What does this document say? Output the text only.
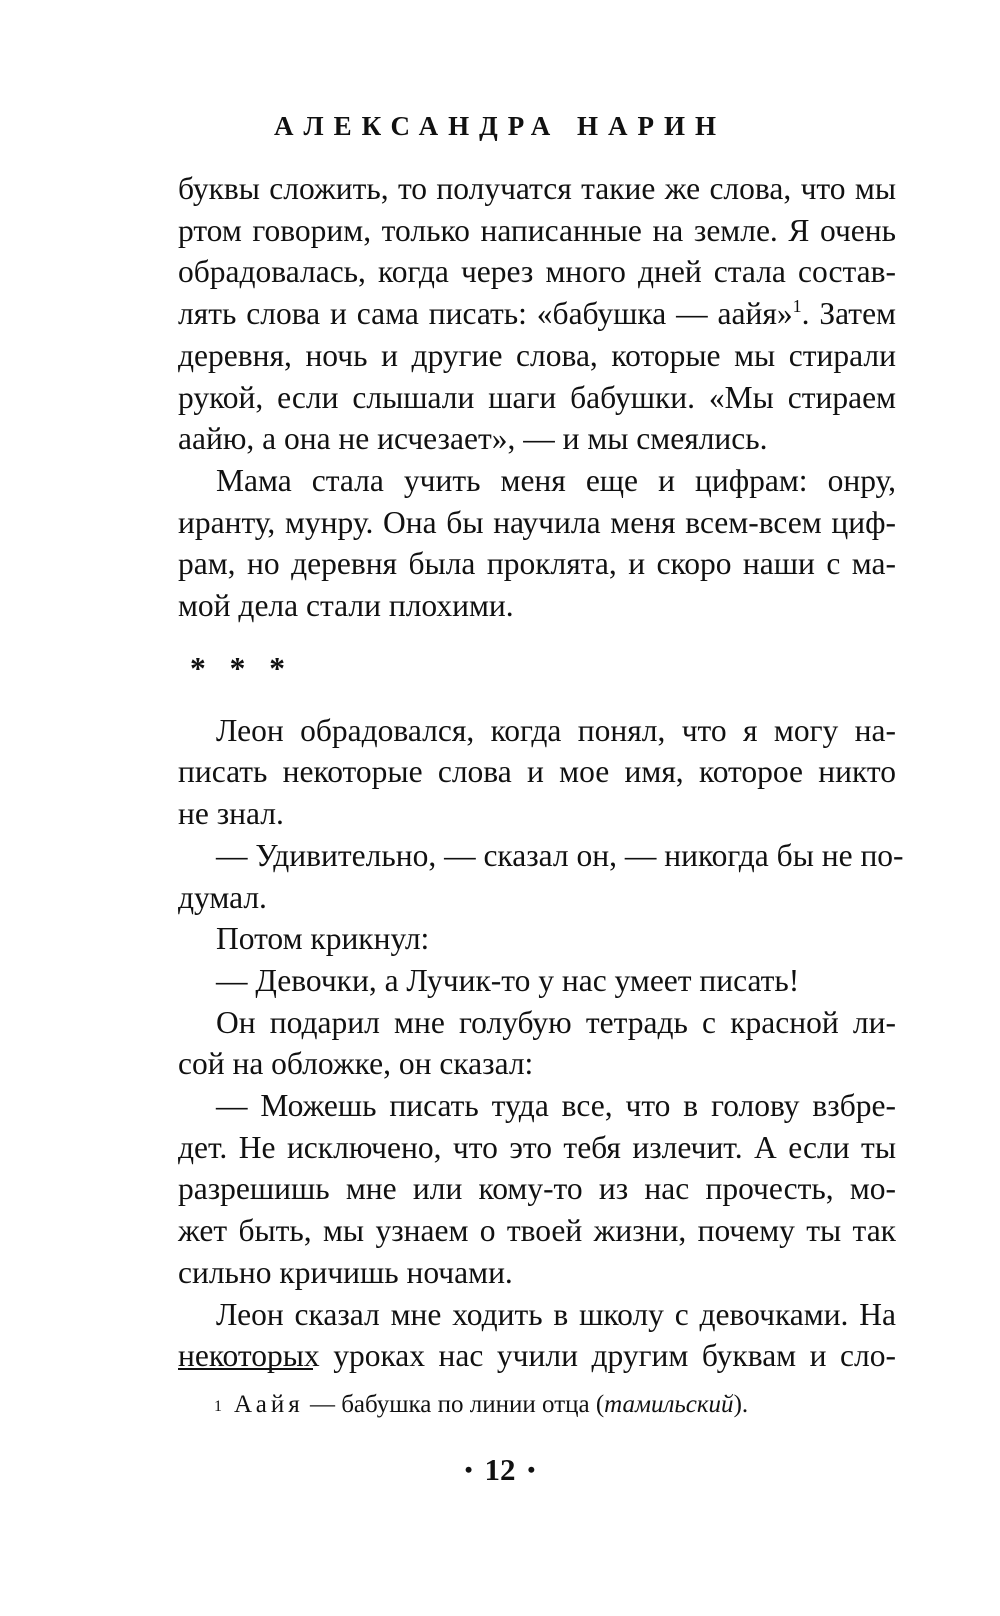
АЛЕКСАНДРА НАРИН

буквы сложить, то получатся такие же слова, что мы
ртом говорим, только написанные на земле. Я очень
обрадовалась, когда через много дней стала состав-
лять слова и сама писать: «бабушка — аайя»$^1$. Затем
деревня, ночь и другие слова, которые мы стирали
рукой, если слышали шаги бабушки. «Мы стираем
аайю, а она не исчезает», — и мы смеялись.

Мама стала учить меня еще и цифрам: онру,
иранту, мунру. Она бы научила меня всем-всем циф-
рам, но деревня была проклята, и скоро наши с ма-
мой дела стали плохими.

* * *

Леон обрадовался, когда понял, что я могу на-
писать некоторые слова и мое имя, которое никто
не знал.

— Удивительно, — сказал он, — никогда бы не по-
думал.

Потом крикнул:

— Девочки, а Лучик-то у нас умеет писать!

Он подарил мне голубую тетрадь с красной ли-
сой на обложке, он сказал:

— Можешь писать туда все, что в голову взбре-
дет. Не исключено, что это тебя излечит. А если ты
разрешишь мне или кому-то из нас прочесть, мо-
жет быть, мы узнаем о твоей жизни, почему ты так
сильно кричишь ночами.

Леон сказал мне ходить в школу с девочками. На
некоторых уроках нас учили другим буквам и сло-

$^1$ Аайя — бабушка по линии отца (тамильский).

• 12 •
